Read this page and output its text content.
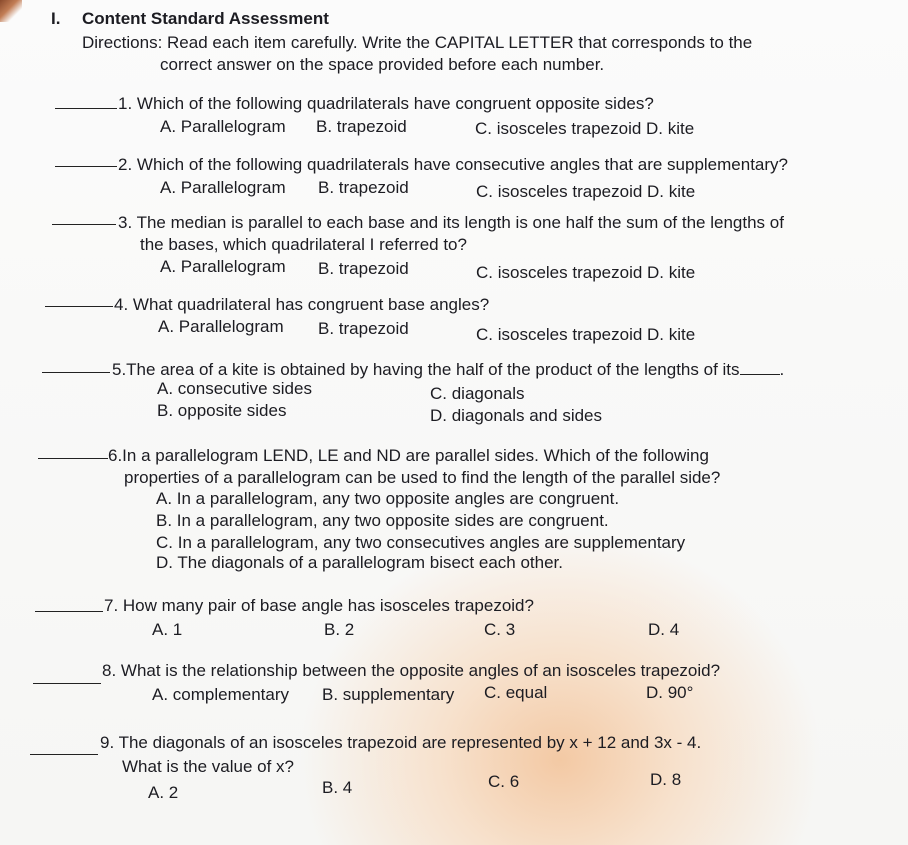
I. Content Standard Assessment
Directions: Read each item carefully. Write the CAPITAL LETTER that corresponds to the
correct answer on the space provided before each number.
1. Which of the following quadrilaterals have congruent opposite sides?
A. Parallelogram B. trapezoid	C. isosceles trapezoid D. kite
2. Which of the following quadrilaterals have consecutive angles that are supplementary?
A. Parallelogram B. trapezoid	C. isosceles trapezoid D. kite
3. The median is parallel to each base and its length is one half the sum of the lengths of
the bases, which quadrilateral I referred to?
A. Parallelogram B. trapezoid	C. isosceles trapezoid D. kite
4. What quadrilateral has congruent base angles?
A. Parallelogram B. trapezoid	C. isosceles trapezoid D. kite
5.The area of a kite is obtained by having the half of the product of the lengths of its .
A. consecutive sides
B. opposite sides
C. diagonals
D. diagonals and sides
6.In a parallelogram LEND, LE and ND are parallel sides. Which of the following
properties of a parallelogram can be used to find the length of the parallel side?
A. In a parallelogram, any two opposite angles are congruent.
B. In a parallelogram, any two opposite sides are congruent.
C. In a parallelogram, any two consecutives angles are supplementary
D. The diagonals of a parallelogram bisect each other.
7. How many pair of base angle has isosceles trapezoid?
A. 1	B. 2	C. 3	D. 4
8. What is the relationship between the opposite angles of an isosceles trapezoid?
A. complementary B. supplementary C. equal	D. 90°
9. The diagonals of an isosceles trapezoid are represented by x + 12 and 3x - 4.
What is the value of x?
A. 2	B. 4	C. 6	D. 8
